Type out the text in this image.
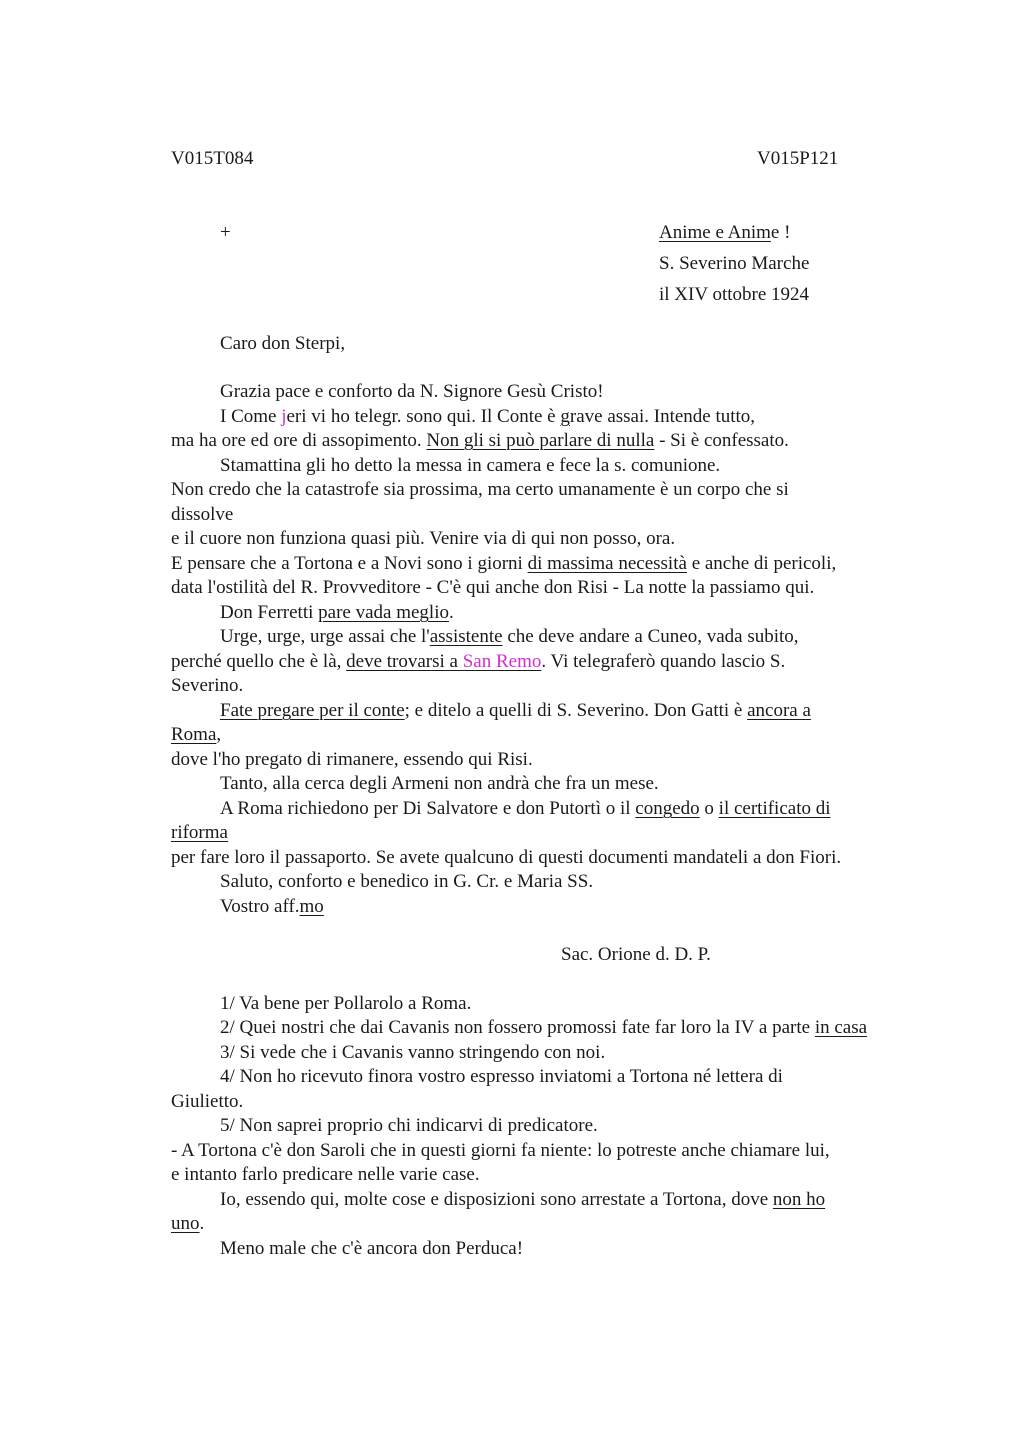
V015T084	V015P121
+	Anime e Anime !
S. Severino Marche
il XIV ottobre 1924
Caro don Sterpi,
Grazia pace e conforto da N. Signore Gesù Cristo!
I Come jeri vi ho telegr. sono qui. Il Conte è grave assai. Intende tutto,
ma ha ore ed ore di assopimento. Non gli si può parlare di nulla - Si è confessato.
Stamattina gli ho detto la messa in camera e fece la s. comunione.
Non credo che la catastrofe sia prossima, ma certo umanamente è un corpo che si
dissolve
e il cuore non funziona quasi più. Venire via di qui non posso, ora.
E pensare che a Tortona e a Novi sono i giorni di massima necessità e anche di pericoli,
data l'ostilità del R. Provveditore - C'è qui anche don Risi - La notte la passiamo qui.
Don Ferretti pare vada meglio.
Urge, urge, urge assai che l'assistente che deve andare a Cuneo, vada subito,
perché quello che è là, deve trovarsi a San Remo. Vi telegraferò quando lascio S.
Severino.
Fate pregare per il conte; e ditelo a quelli di S. Severino. Don Gatti è ancora a
Roma,
dove l'ho pregato di rimanere, essendo qui Risi.
Tanto, alla cerca degli Armeni non andrà che fra un mese.
A Roma richiedono per Di Salvatore e don Putortì o il congedo o il certificato di
riforma
per fare loro il passaporto. Se avete qualcuno di questi documenti mandateli a don Fiori.
Saluto, conforto e benedico in G. Cr. e Maria SS.
Vostro aff.mo
Sac. Orione d. D. P.
1/ Va bene per Pollarolo a Roma.
2/ Quei nostri che dai Cavanis non fossero promossi fate far loro la IV a parte in casa
3/ Si vede che i Cavanis vanno stringendo con noi.
4/ Non ho ricevuto finora vostro espresso inviatomi a Tortona né lettera di
Giulietto.
5/ Non saprei proprio chi indicarvi di predicatore.
- A Tortona c'è don Saroli che in questi giorni fa niente: lo potreste anche chiamare lui,
e intanto farlo predicare nelle varie case.
Io, essendo qui, molte cose e disposizioni sono arrestate a Tortona, dove non ho
uno.
Meno male che c'è ancora don Perduca!
